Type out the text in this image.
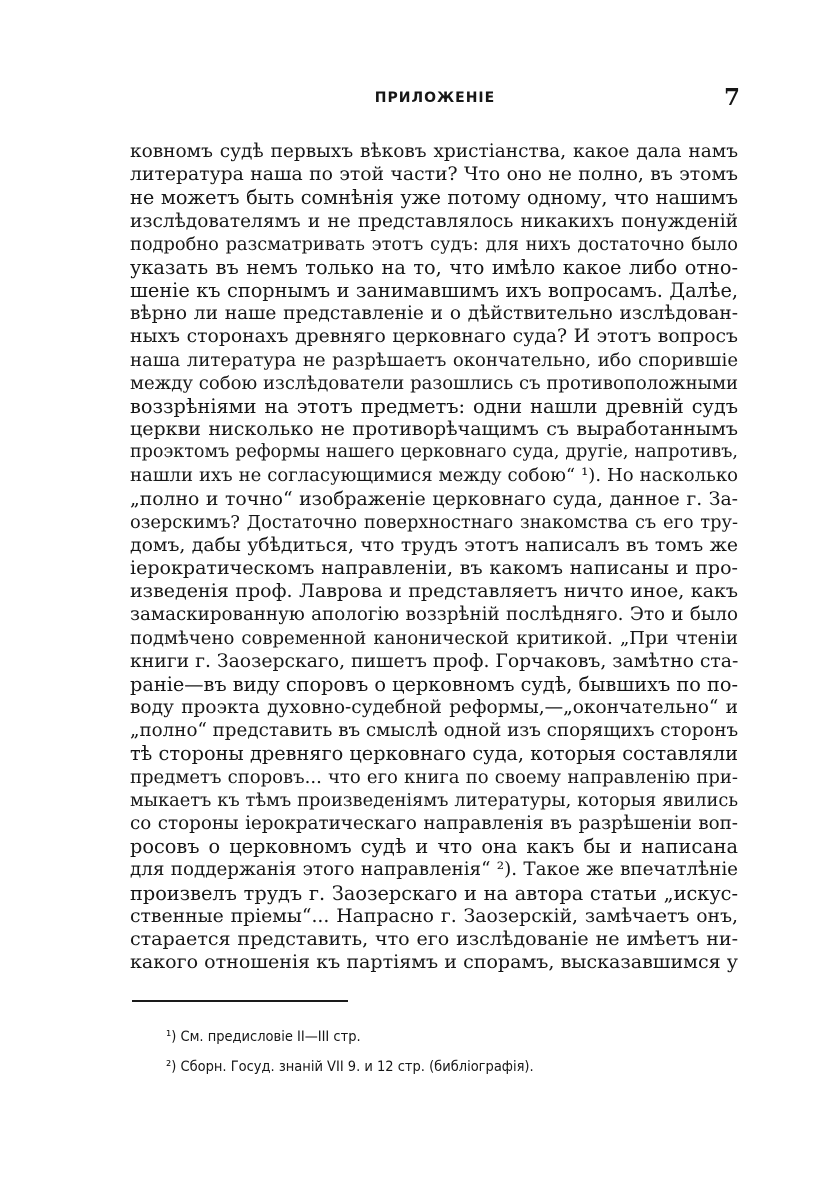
ПРИЛОЖЕНІЕ	7
ковномъ судѣ первыхъ вѣковъ христіанства, какое дала намъ
литература наша по этой части? Что оно не полно, въ этомъ
не можетъ быть сомнѣнія уже потому одному, что нашимъ
изслѣдователямъ и не представлялось никакихъ понужденій
подробно разсматривать этотъ судъ: для нихъ достаточно было
указать въ немъ только на то, что имѣло какое либо отно-
шеніе къ спорнымъ и занимавшимъ ихъ вопросамъ. Далѣе,
вѣрно ли наше представленіе и о дѣйствительно изслѣдован-
ныхъ сторонахъ древняго церковнаго суда? И этотъ вопросъ
наша литература не разрѣшаетъ окончательно, ибо спорившіе
между собою изслѣдователи разошлись съ противоположными
воззрѣніями на этотъ предметъ: одни нашли древній судъ
церкви нисколько не противорѣчащимъ съ выработаннымъ
проэктомъ реформы нашего церковнаго суда, другіе, напротивъ,
нашли ихъ не согласующимися между собою“ ¹). Но насколько
„полно и точно“ изображеніе церковнаго суда, данное г. За-
озерскимъ? Достаточно поверхностнаго знакомства съ его тру-
домъ, дабы убѣдиться, что трудъ этотъ написалъ въ томъ же
іерократическомъ направленіи, въ какомъ написаны и про-
изведенія проф. Лаврова и представляетъ ничто иное, какъ
замаскированную апологію воззрѣній послѣдняго. Это и было
подмѣчено современной канонической критикой. „При чтеніи
книги г. Заозерскаго, пишетъ проф. Горчаковъ, замѣтно ста-
раніе—въ виду споровъ о церковномъ судѣ, бывшихъ по по-
воду проэкта духовно-судебной реформы,—„окончательно“ и
„полно“ представить въ смыслѣ одной изъ спорящихъ сторонъ
тѣ стороны древняго церковнаго суда, которыя составляли
предметъ споровъ... что его книга по своему направленію при-
мыкаетъ къ тѣмъ произведеніямъ литературы, которыя явились
со стороны іерократическаго направленія въ разрѣшеніи воп-
росовъ о церковномъ судѣ и что она какъ бы и написана
для поддержанія этого направленія“ ²). Такое же впечатлѣніе
произвелъ трудъ г. Заозерскаго и на автора статьи „искус-
ственные пріемы“... Напрасно г. Заозерскій, замѣчаетъ онъ,
старается представить, что его изслѣдованіе не имѣетъ ни-
какого отношенія къ партіямъ и спорамъ, высказавшимся у
¹) См. предисловіе II—III стр.
²) Сборн. Госуд. знаній VII 9. и 12 стр. (библіографія).
